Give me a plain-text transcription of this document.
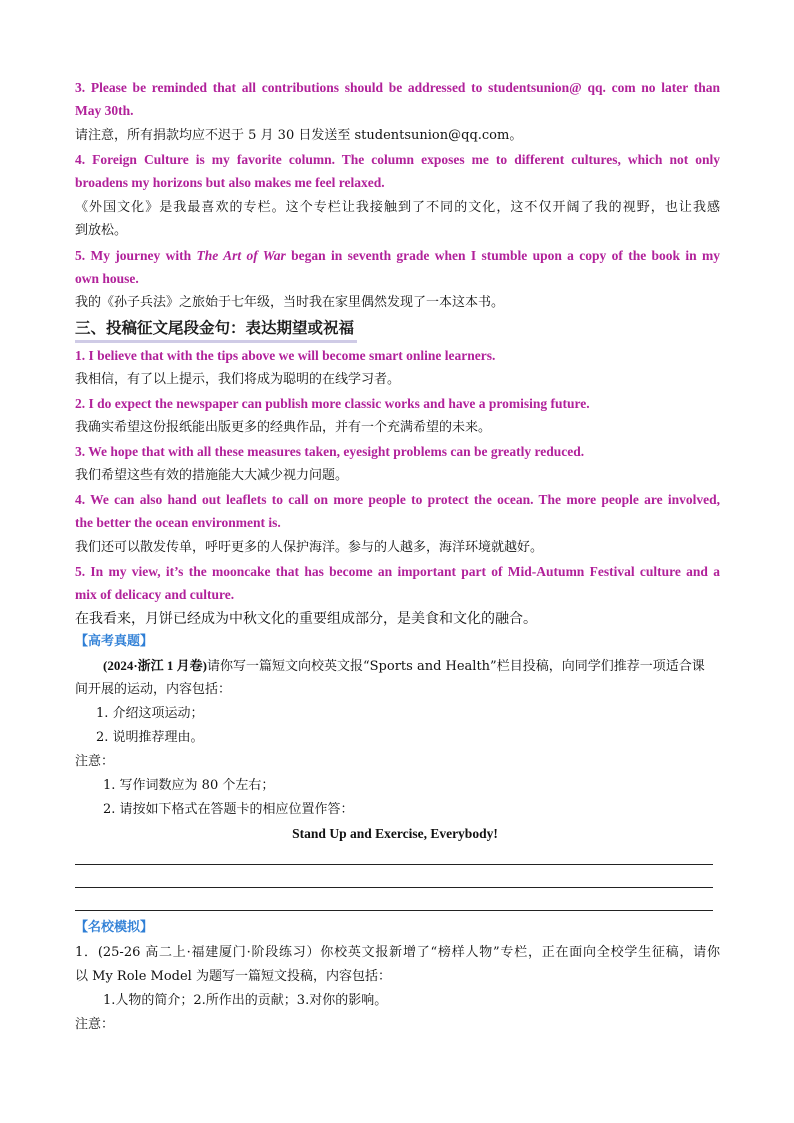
3. Please be reminded that all contributions should be addressed to studentsunion@ qq. com no later than
May 30th.
请注意，所有捐款均应不迟于 5 月 30 日发送至 studentsunion@qq.com。
4. Foreign Culture is my favorite column. The column exposes me to different cultures, which not only
broadens my horizons but also makes me feel relaxed.
《外国文化》是我最喜欢的专栏。这个专栏让我接触到了不同的文化，这不仅开阔了我的视野，也让我感
到放松。
5. My journey with The Art of War began in seventh grade when I stumble upon a copy of the book in my
own house.
我的《孙子兵法》之旅始于七年级，当时我在家里偶然发现了一本这本书。
三、投稿征文尾段金句：表达期望或祝福
1. I believe that with the tips above we will become smart online learners.
我相信，有了以上提示，我们将成为聪明的在线学习者。
2. I do expect the newspaper can publish more classic works and have a promising future.
我确实希望这份报纸能出版更多的经典作品，并有一个充满希望的未来。
3. We hope that with all these measures taken, eyesight problems can be greatly reduced.
我们希望这些有效的措施能大大减少视力问题。
4. We can also hand out leaflets to call on more people to protect the ocean. The more people are involved,
the better the ocean environment is.
我们还可以散发传单，呼吁更多的人保护海洋。参与的人越多，海洋环境就越好。
5. In my view, it’s the mooncake that has become an important part of Mid-Autumn Festival culture and a
mix of delicacy and culture.
在我看来，月饼已经成为中秋文化的重要组成部分，是美食和文化的融合。
【高考真题】
(2024·浙江 1 月卷)请你写一篇短文向校英文报“Sports and Health”栏目投稿，向同学们推荐一项适合课
间开展的运动，内容包括：
1. 介绍这项运动；
2. 说明推荐理由。
注意：
1. 写作词数应为 80 个左右；
2. 请按如下格式在答题卡的相应位置作答：
Stand Up and Exercise, Everybody!
【名校模拟】
1．(25-26 高二上·福建厦门·阶段练习）你校英文报新增了“榜样人物”专栏，正在面向全校学生征稿，请你
以 My Role Model 为题写一篇短文投稿，内容包括：
1.人物的简介；2.所作出的贡献；3.对你的影响。
注意：
